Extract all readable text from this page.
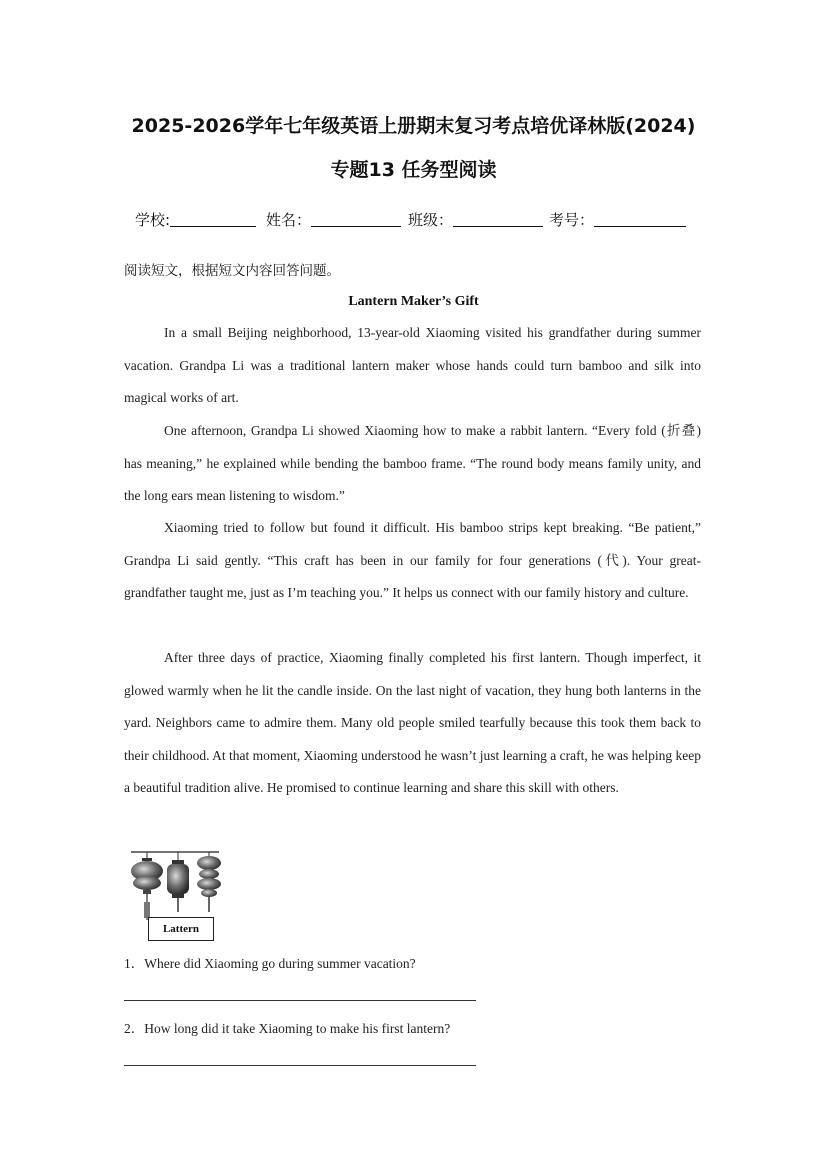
2025-2026学年七年级英语上册期末复习考点培优译林版(2024)
专题13 任务型阅读
学校:	姓名：	班级：	考号：
阅读短文，根据短文内容回答问题。
Lantern Maker’s Gift

In a small Beijing neighborhood, 13-year-old Xiaoming visited his grandfather during summer vacation. Grandpa Li was a traditional lantern maker whose hands could turn bamboo and silk into magical works of art.

One afternoon, Grandpa Li showed Xiaoming how to make a rabbit lantern. “Every fold (折叠) has meaning,” he explained while bending the bamboo frame. “The round body means family unity, and the long ears mean listening to wisdom.”

Xiaoming tried to follow but found it difficult. His bamboo strips kept breaking. “Be patient,” Grandpa Li said gently. “This craft has been in our family for four generations (代). Your great-grandfather taught me, just as I’m teaching you.” It helps us connect with our family history and culture.

After three days of practice, Xiaoming finally completed his first lantern. Though imperfect, it glowed warmly when he lit the candle inside. On the last night of vacation, they hung both lanterns in the yard. Neighbors came to admire them. Many old people smiled tearfully because this took them back to their childhood. At that moment, Xiaoming understood he wasn’t just learning a craft, he was helping keep a beautiful tradition alive. He promised to continue learning and share this skill with others.

Lattern
1．Where did Xiaoming go during summer vacation?
2．How long did it take Xiaoming to make his first lantern?
